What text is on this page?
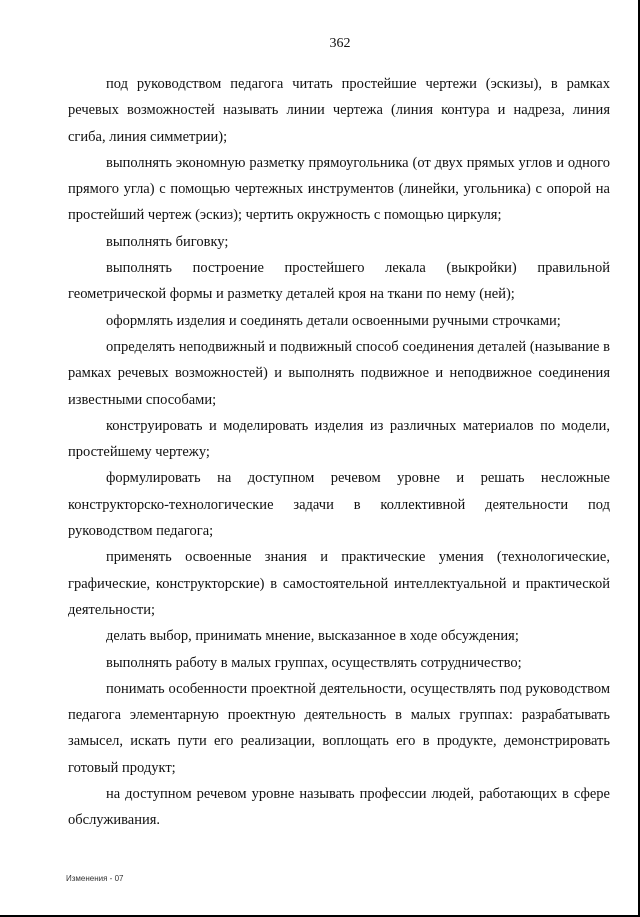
362

под руководством педагога читать простейшие чертежи (эскизы), в рамках речевых возможностей называть линии чертежа (линия контура и надреза, линия сгиба, линия симметрии);

выполнять экономную разметку прямоугольника (от двух прямых углов и одного прямого угла) с помощью чертежных инструментов (линейки, угольника) с опорой на простейший чертеж (эскиз); чертить окружность с помощью циркуля;

выполнять биговку;

выполнять построение простейшего лекала (выкройки) правильной геометрической формы и разметку деталей кроя на ткани по нему (ней);

оформлять изделия и соединять детали освоенными ручными строчками;

определять неподвижный и подвижный способ соединения деталей (называние в рамках речевых возможностей) и выполнять подвижное и неподвижное соединения известными способами;

конструировать и моделировать изделия из различных материалов по модели, простейшему чертежу;

формулировать на доступном речевом уровне и решать несложные конструкторско-технологические задачи в коллективной деятельности под руководством педагога;

применять освоенные знания и практические умения (технологические, графические, конструкторские) в самостоятельной интеллектуальной и практической деятельности;

делать выбор, принимать мнение, высказанное в ходе обсуждения;

выполнять работу в малых группах, осуществлять сотрудничество;

понимать особенности проектной деятельности, осуществлять под руководством педагога элементарную проектную деятельность в малых группах: разрабатывать замысел, искать пути его реализации, воплощать его в продукте, демонстрировать готовый продукт;

на доступном речевом уровне называть профессии людей, работающих в сфере обслуживания.

Изменения - 07
